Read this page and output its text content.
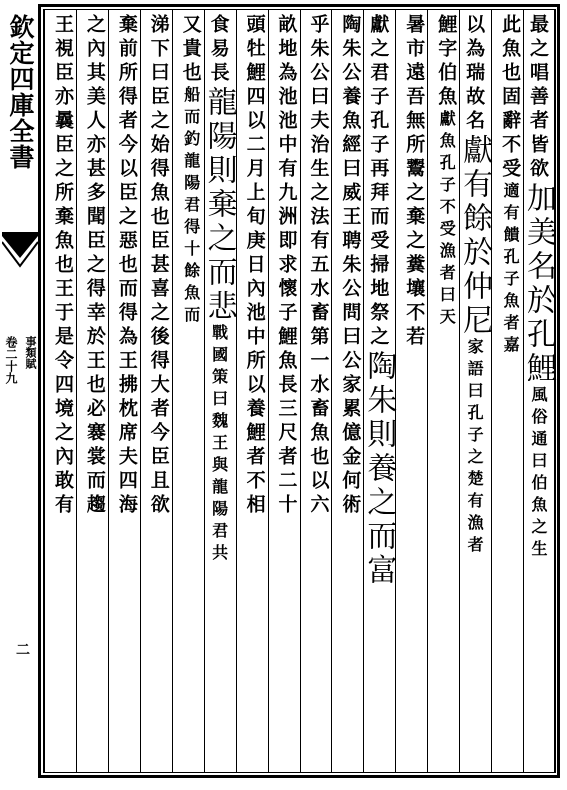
欽定四庫全書
卷二十九 事類賦
二
最之唱善者皆欲加美名於孔鯉風俗通曰伯魚之生
此魚也固辭不受適有饋孔子魚者嘉
以為瑞故名獻有餘於仲尼家語曰孔子之楚有漁者
鯉字伯魚獻魚孔子不受漁者曰天
暑市遠吾無所鬻之棄之糞壤不若
獻之君子孔子再拜而受掃地祭之陶朱則養之而富
陶朱公養魚經曰威王聘朱公問曰公家累億金何術
乎朱公曰夫治生之法有五水畜第一水畜魚也以六
畝地為池池中有九洲即求懷子鯉魚長三尺者二十
頭牡鯉四以二月上旬庚日內池中所以養鯉者不相
食易長龍陽則棄之而悲戰國策曰魏王與龍陽君共
又貴也船而釣龍陽君得十餘魚而
涕下曰臣之始得魚也臣甚喜之後得大者今臣且欲
棄前所得者今以臣之惡也而得為王拂枕席夫四海
之內其美人亦甚多聞臣之得幸於王也必褰裳而趨
王視臣亦曩臣之所棄魚也王于是令四境之內敢有
